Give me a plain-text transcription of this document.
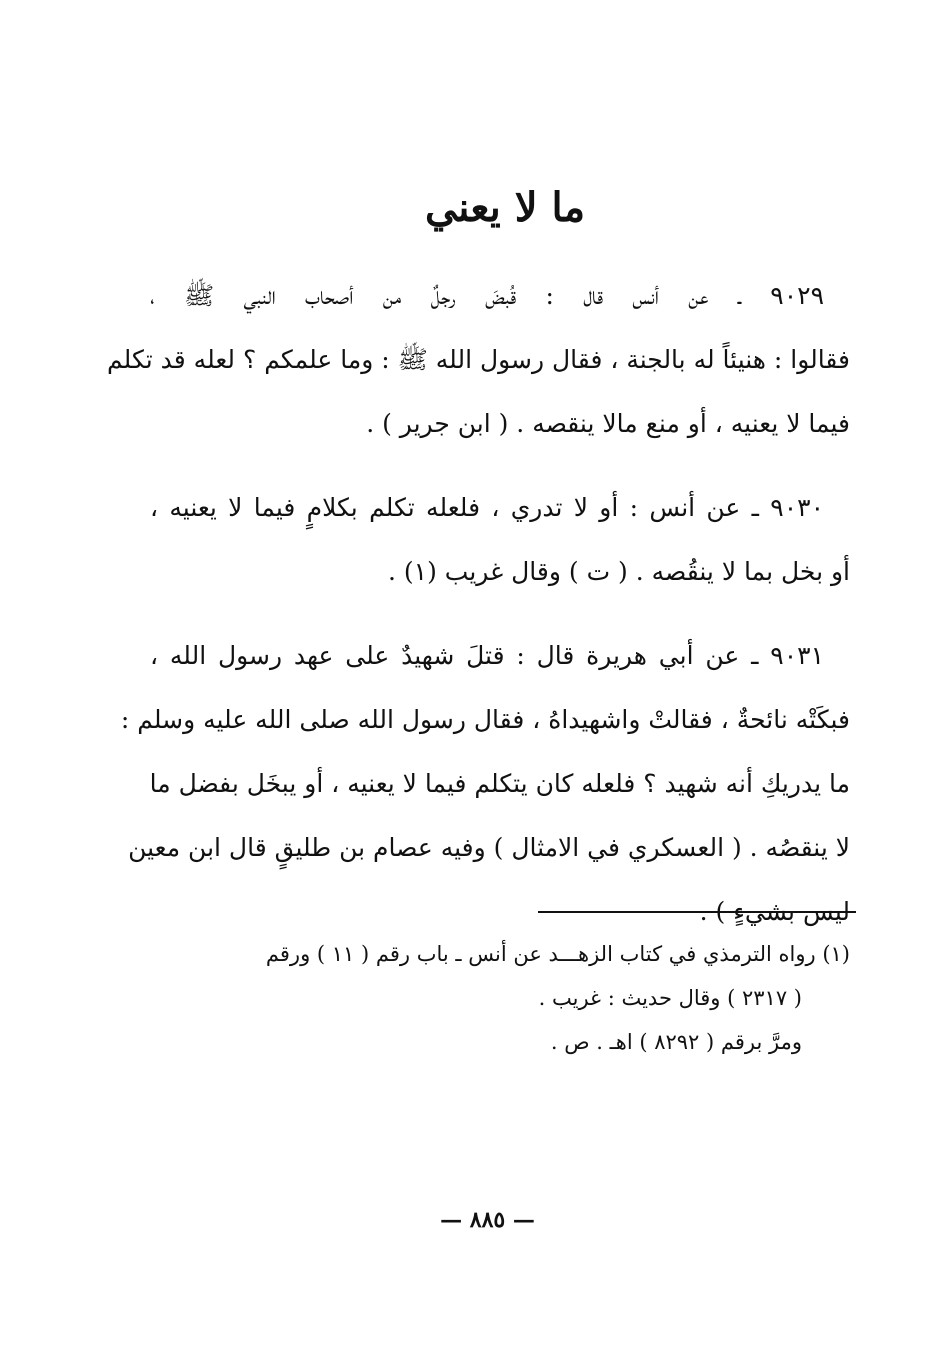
ما لا يعني
٩٠٢٩ ـ عن أنس قال : قُبضَ رجلٌ من أصحاب النبي ﷺ ،
فقالوا : هنيئاً له بالجنة ، فقال رسول الله ﷺ : وما علمكم ؟ لعله قد تكلم
فيما لا يعنيه ، أو منع مالا ينقصه . ( ابن جرير ) .
٩٠٣٠ ـ عن أنس : أو لا تدري ، فلعله تكلم بكلامٍ فيما لا يعنيه ،
أو بخل بما لا ينقُصه . ( ت ) وقال غريب (١) .
٩٠٣١ ـ عن أبي هريرة قال : قتلَ شهيدٌ على عهد رسول الله ،
فبكَتْه نائحةٌ ، فقالتْ واشهيداهُ ، فقال رسول الله صلى الله عليه وسلم :
ما يدريكِ أنه شهيد ؟ فلعله كان يتكلم فيما لا يعنيه ، أو يبخَل بفضل ما
لا ينقصُه . ( العسكري في الامثال ) وفيه عصام بن طليقٍ قال ابن معين
ليس بشيءٍ ) .
(١) رواه الترمذي في كتاب الزهـــد عن أنس ـ باب رقم ( ١١ ) ورقم
( ٢٣١٧ ) وقال حديث : غريب .
ومرَّ برقم ( ٨٢٩٢ ) اهـ . ص .
— ٨٨٥ —
